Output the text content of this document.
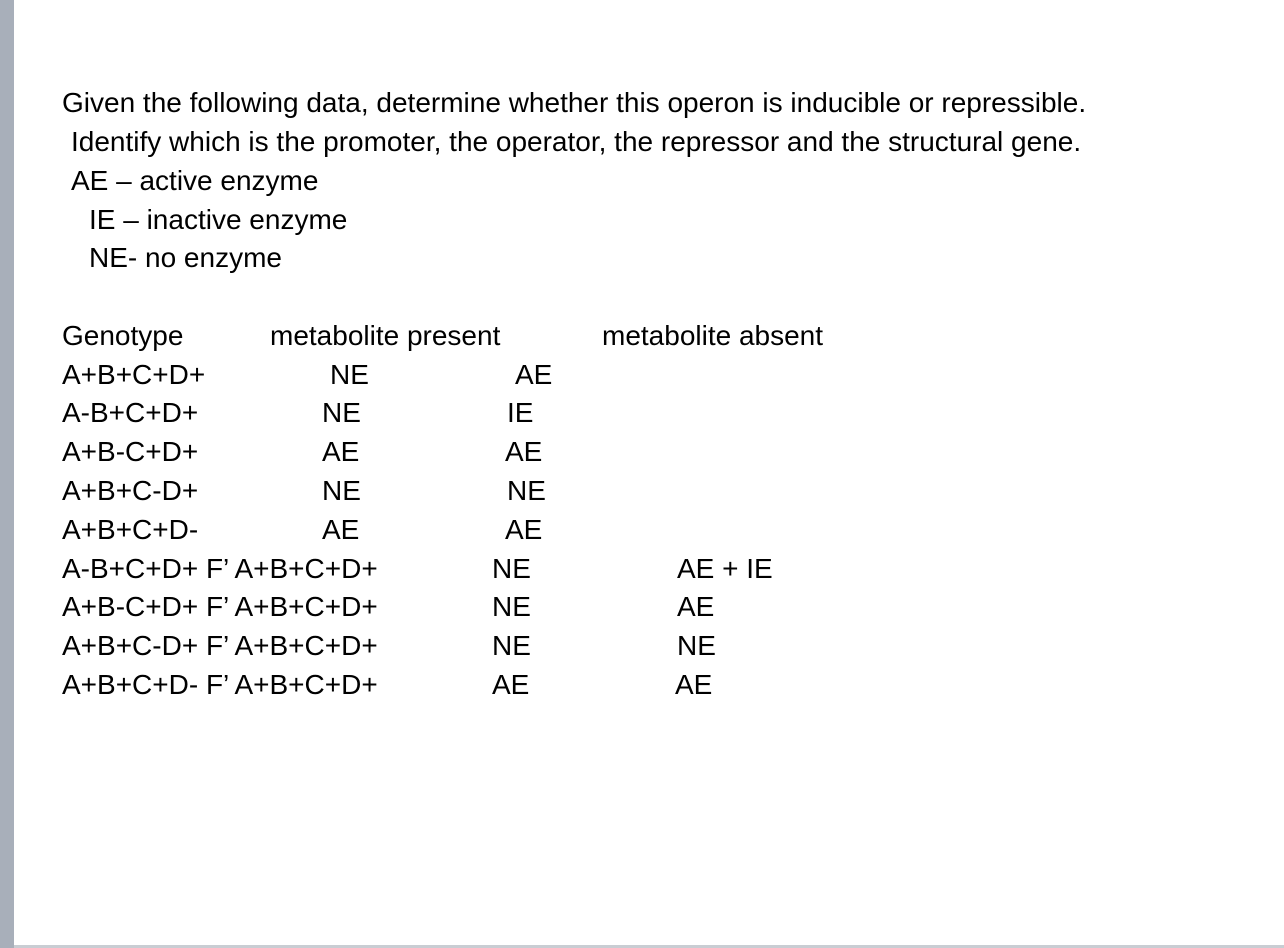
Given the following data, determine whether this operon is inducible or repressible.
Identify which is the promoter, the operator, the repressor and the structural gene.
AE – active enzyme
IE – inactive enzyme
NE- no enzyme
Genotype	metabolite present	metabolite absent
A+B+C+D+	NE	AE
A-B+C+D+	NE	IE
A+B-C+D+	AE	AE
A+B+C-D+	NE	NE
A+B+C+D-	AE	AE
A-B+C+D+ F’ A+B+C+D+	NE	AE + IE
A+B-C+D+ F’ A+B+C+D+	NE	AE
A+B+C-D+ F’ A+B+C+D+	NE	NE
A+B+C+D- F’ A+B+C+D+	AE	AE
